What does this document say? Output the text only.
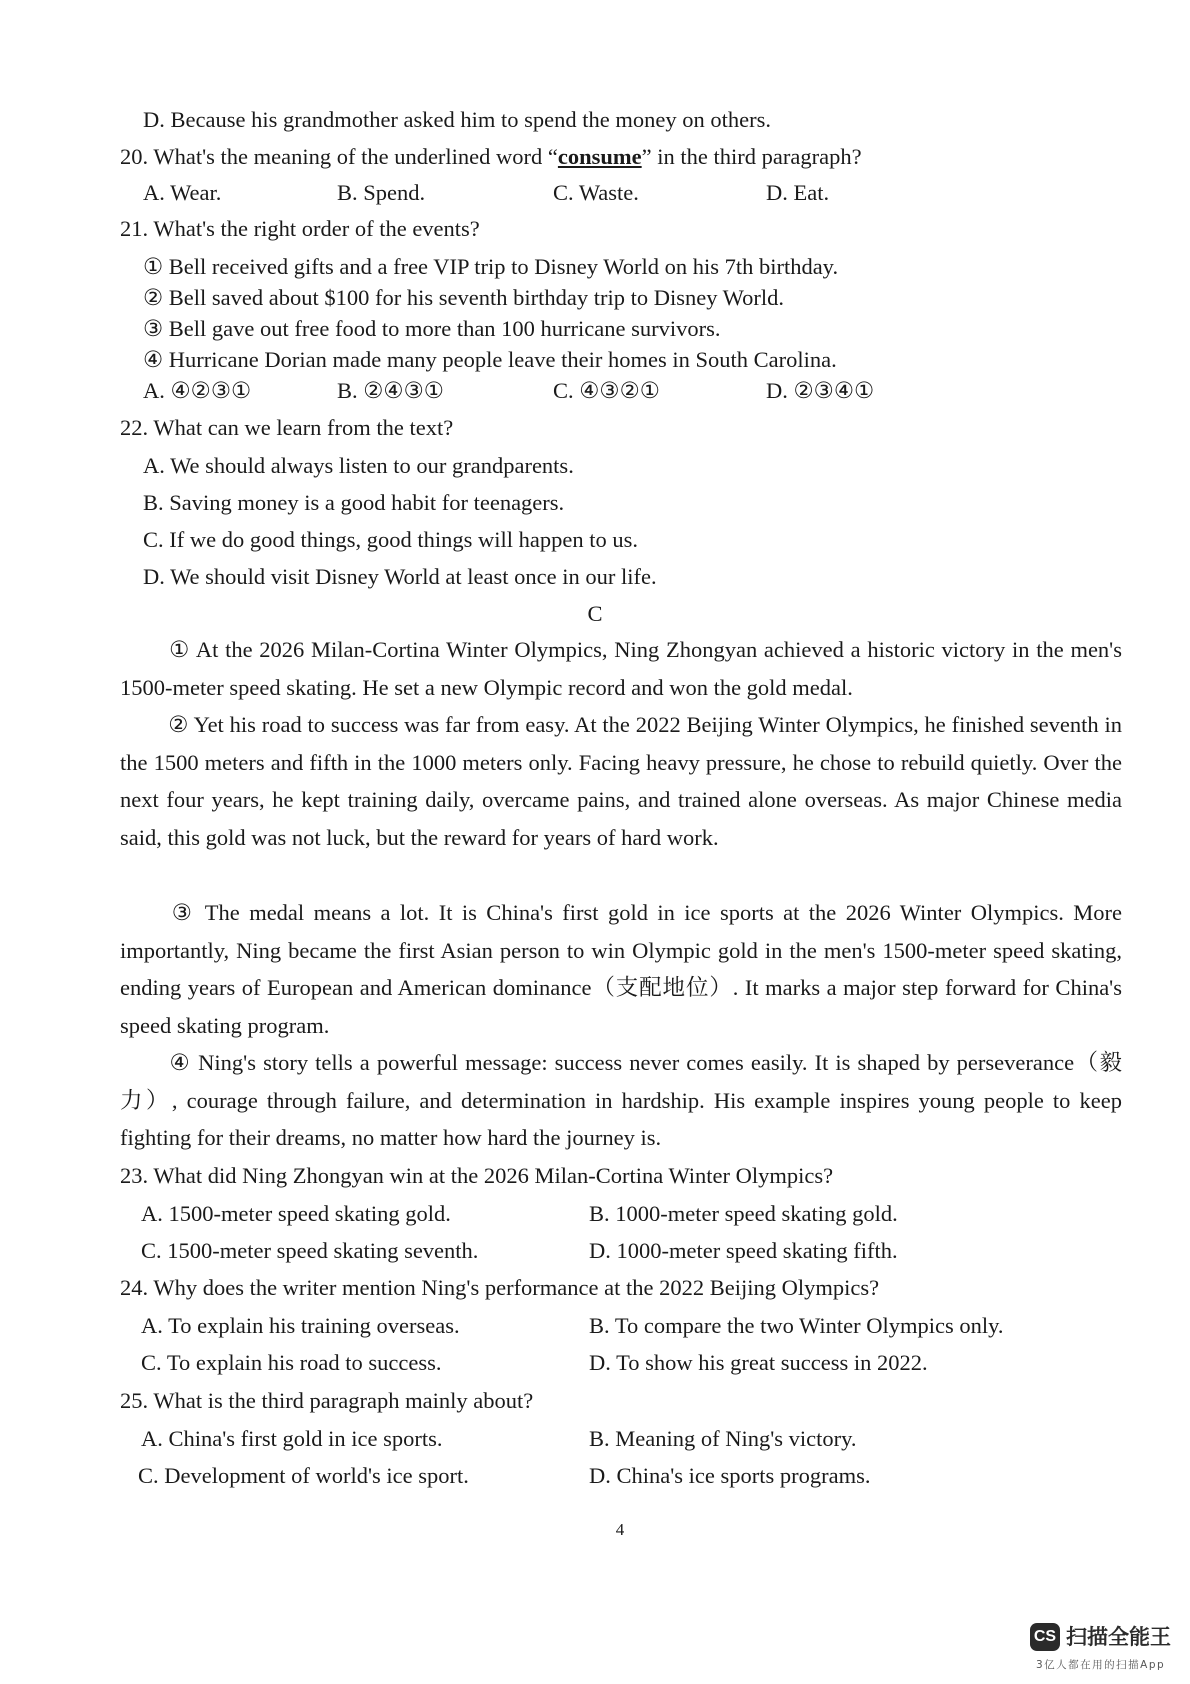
D. Because his grandmother asked him to spend the money on others.
20. What's the meaning of the underlined word “consume” in the third paragraph?
A. Wear.	B. Spend.	C. Waste.	D. Eat.
21. What's the right order of the events?
① Bell received gifts and a free VIP trip to Disney World on his 7th birthday.
② Bell saved about $100 for his seventh birthday trip to Disney World.
③ Bell gave out free food to more than 100 hurricane survivors.
④ Hurricane Dorian made many people leave their homes in South Carolina.
A. ④②③①	B. ②④③①	C. ④③②①	D. ②③④①
22. What can we learn from the text?
A. We should always listen to our grandparents.
B. Saving money is a good habit for teenagers.
C. If we do good things, good things will happen to us.
D. We should visit Disney World at least once in our life.
C
① At the 2026 Milan-Cortina Winter Olympics, Ning Zhongyan achieved a historic victory in the men's 1500-meter speed skating. He set a new Olympic record and won the gold medal.
② Yet his road to success was far from easy. At the 2022 Beijing Winter Olympics, he finished seventh in the 1500 meters and fifth in the 1000 meters only. Facing heavy pressure, he chose to rebuild quietly. Over the next four years, he kept training daily, overcame pains, and trained alone overseas. As major Chinese media said, this gold was not luck, but the reward for years of hard work.
③ The medal means a lot. It is China's first gold in ice sports at the 2026 Winter Olympics. More importantly, Ning became the first Asian person to win Olympic gold in the men's 1500-meter speed skating, ending years of European and American dominance（支配地位）. It marks a major step forward for China's speed skating program.
④ Ning's story tells a powerful message: success never comes easily. It is shaped by perseverance（毅力）, courage through failure, and determination in hardship. His example inspires young people to keep fighting for their dreams, no matter how hard the journey is.
23. What did Ning Zhongyan win at the 2026 Milan-Cortina Winter Olympics?
A. 1500-meter speed skating gold.	B. 1000-meter speed skating gold.
C. 1500-meter speed skating seventh.	D. 1000-meter speed skating fifth.
24. Why does the writer mention Ning's performance at the 2022 Beijing Olympics?
A. To explain his training overseas.	B. To compare the two Winter Olympics only.
C. To explain his road to success.	D. To show his great success in 2022.
25. What is the third paragraph mainly about?
A. China's first gold in ice sports.	B. Meaning of Ning's victory.
C. Development of world's ice sport.	D. China's ice sports programs.
4
CS 扫描全能王
3亿人都在用的扫描App
